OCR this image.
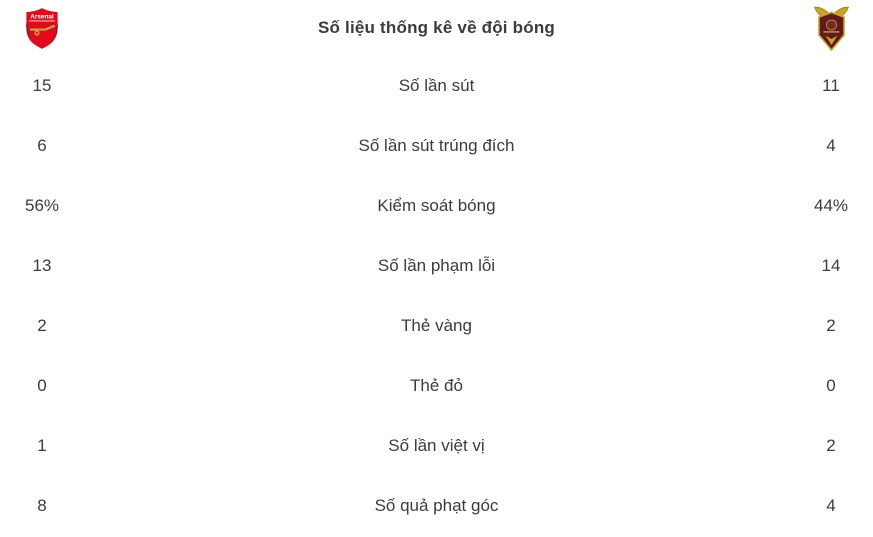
Arsenal
Số liệu thống kê về đội bóng
15	Số lần sút	11
6	Số lần sút trúng đích	4
56%	Kiểm soát bóng	44%
13	Số lần phạm lỗi	14
2	Thẻ vàng	2
0	Thẻ đỏ	0
1	Số lần việt vị	2
8	Số quả phạt góc	4
